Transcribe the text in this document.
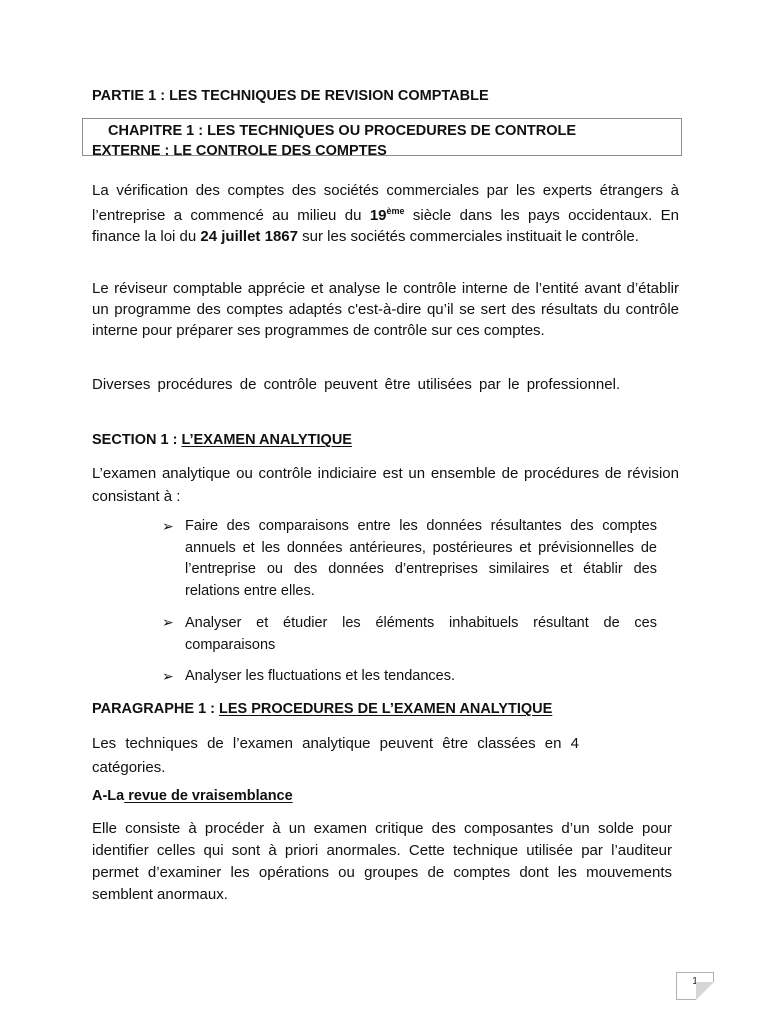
PARTIE 1 : LES TECHNIQUES DE REVISION COMPTABLE
CHAPITRE 1 : LES TECHNIQUES OU PROCEDURES DE CONTROLE
EXTERNE : LE CONTROLE DES COMPTES
La vérification des comptes des sociétés commerciales par les experts étrangers à l’entreprise a commencé au milieu du 19ème siècle dans les pays occidentaux. En finance la loi du 24 juillet 1867 sur les sociétés commerciales instituait le contrôle.
Le réviseur comptable apprécie et analyse le contrôle interne de l’entité avant d’établir un programme des comptes adaptés c'est-à-dire qu’il se sert des résultats du contrôle interne pour préparer ses programmes de contrôle sur ces comptes.
Diverses procédures de contrôle peuvent être utilisées par le professionnel.
SECTION 1 : L’EXAMEN ANALYTIQUE
L’examen analytique ou contrôle indiciaire est un ensemble de procédures de révision consistant à :
➢ Faire des comparaisons entre les données résultantes des comptes annuels et les données antérieures, postérieures et prévisionnelles de l’entreprise ou des données d’entreprises similaires et établir des relations entre elles.
➢ Analyser et étudier les éléments inhabituels résultant de ces comparaisons
➢ Analyser les fluctuations et les tendances.
PARAGRAPHE 1 : LES PROCEDURES DE L’EXAMEN ANALYTIQUE
Les techniques de l’examen analytique peuvent être classées en 4 catégories.
A-La revue de vraisemblance
Elle consiste à procéder à un examen critique des composantes d’un solde pour identifier celles qui sont à priori anormales. Cette technique utilisée par l’auditeur permet d’examiner les opérations ou groupes de comptes dont les mouvements semblent anormaux.
1
